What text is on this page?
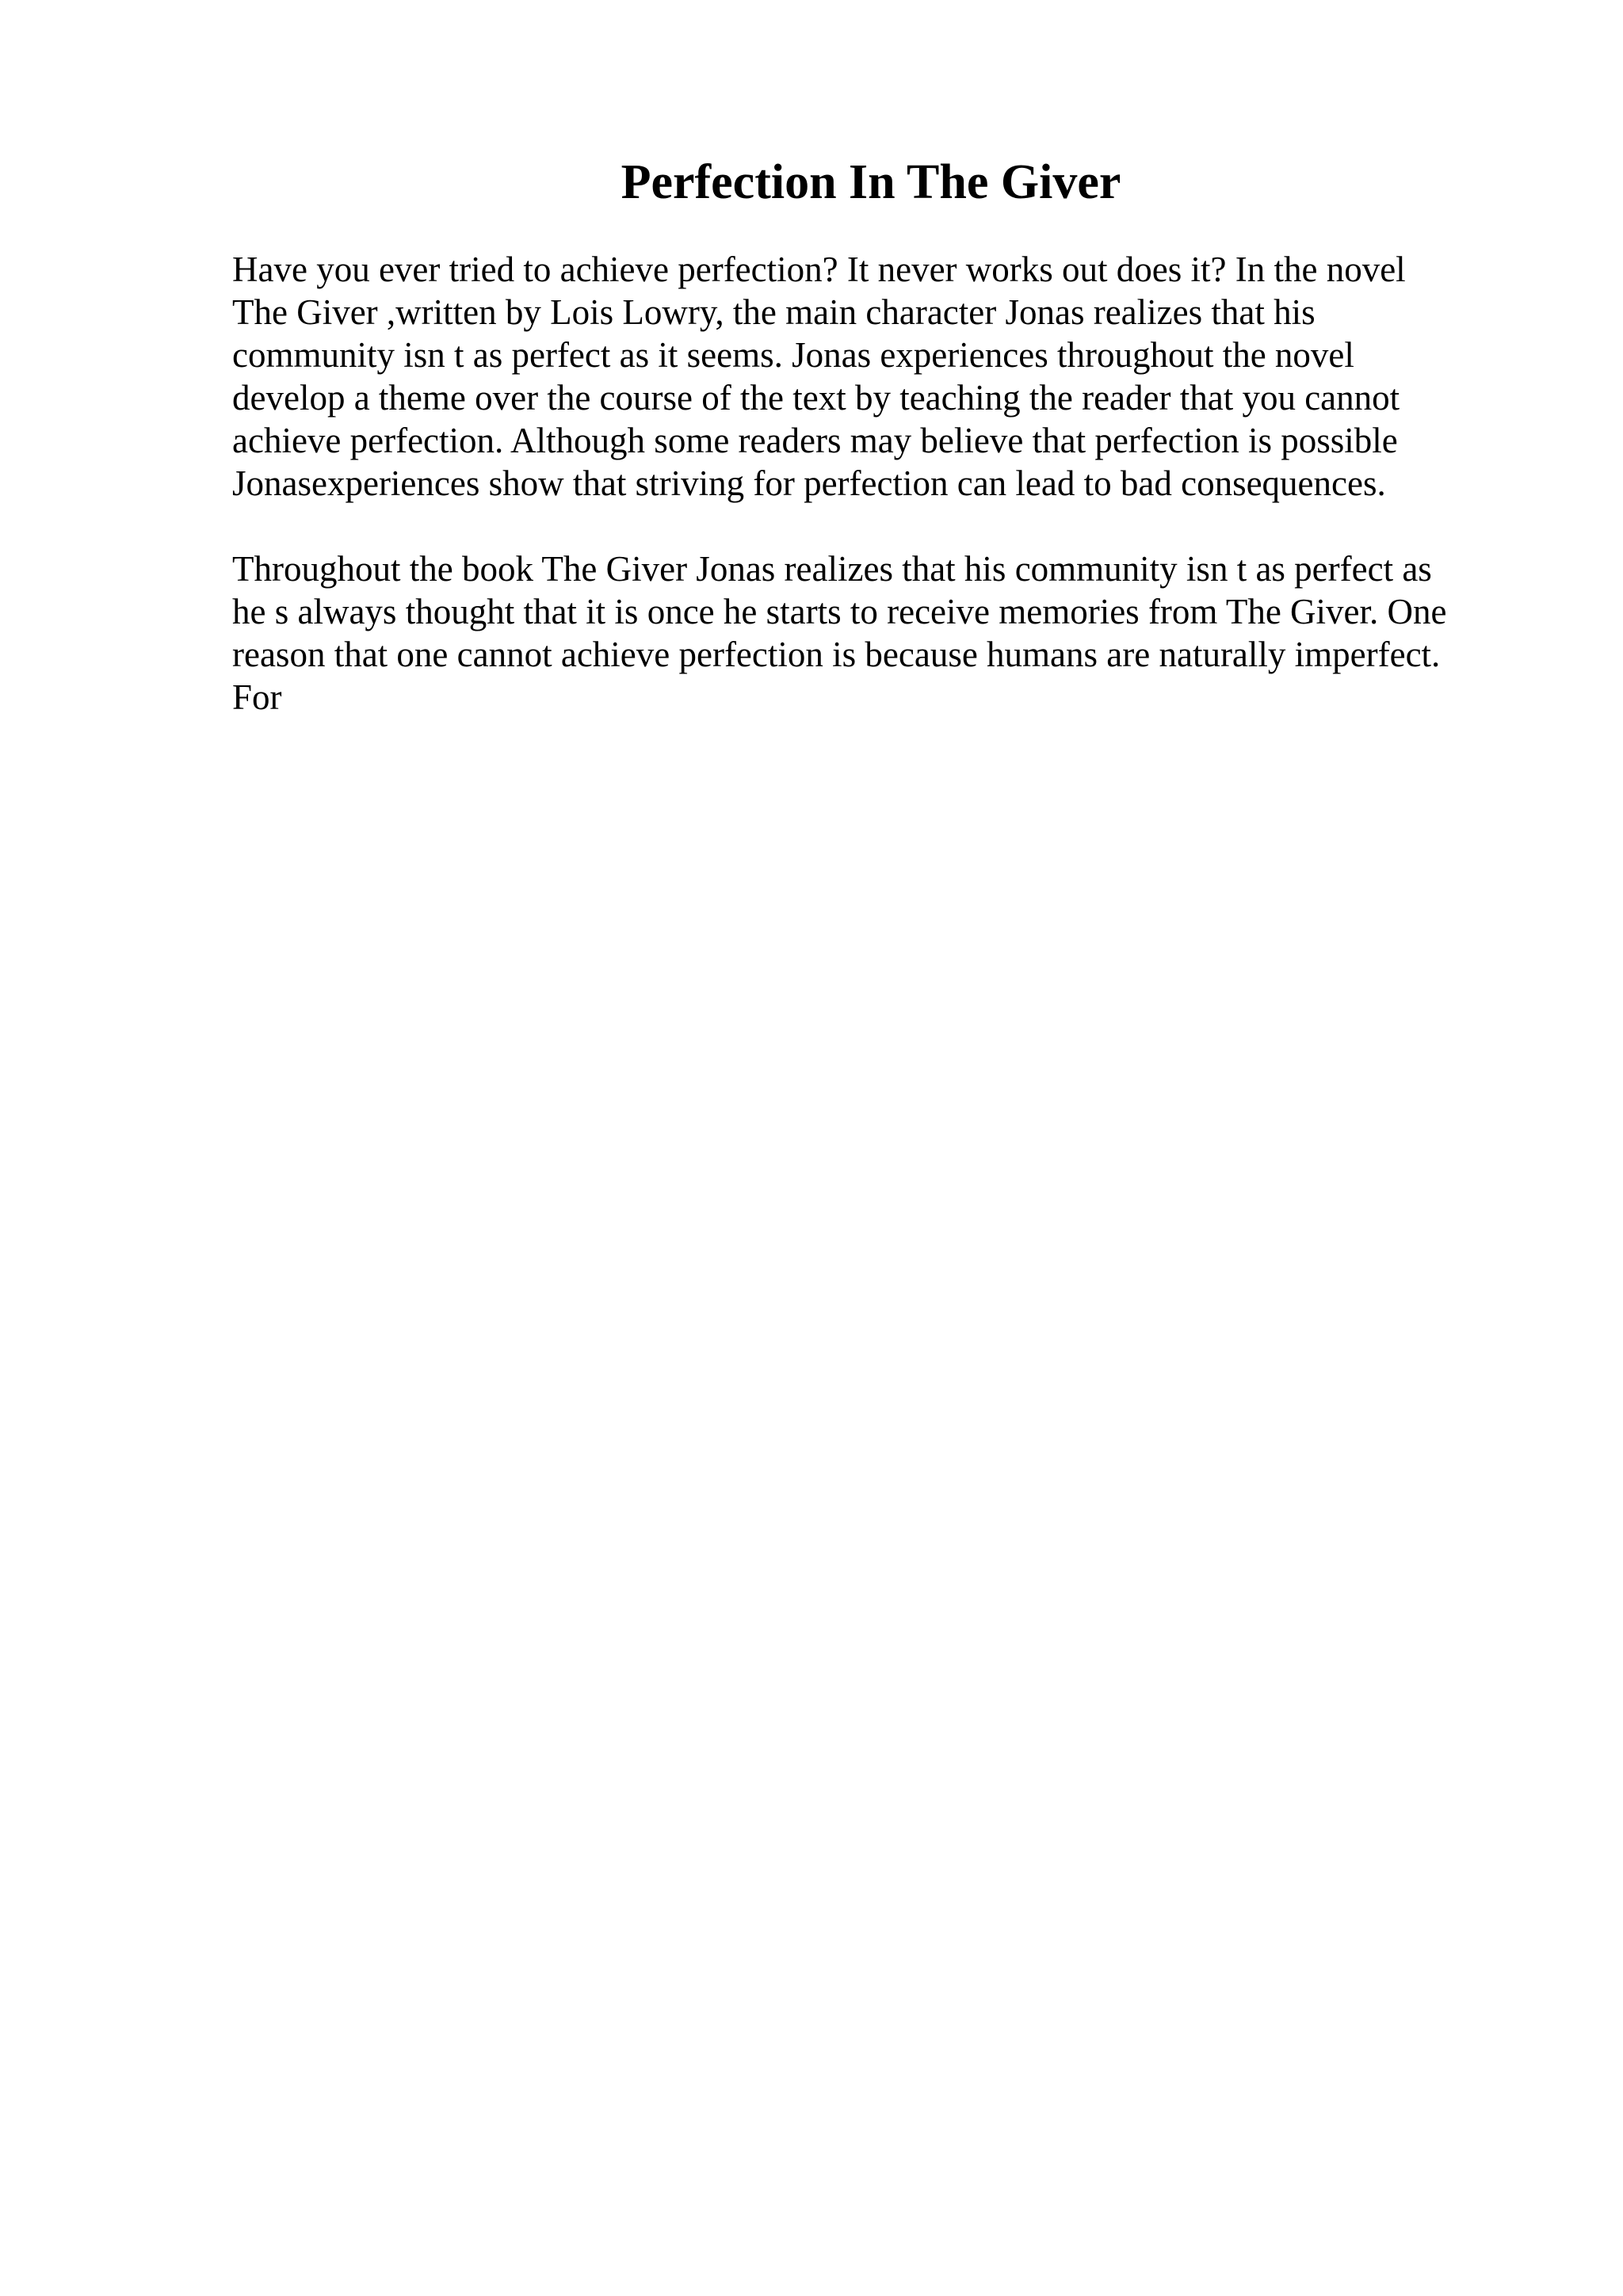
Perfection In The Giver

Have you ever tried to achieve perfection? It never works out does it? In the novel
The Giver ,written by Lois Lowry, the main character Jonas realizes that his
community isn t as perfect as it seems. Jonas experiences throughout the novel
develop a theme over the course of the text by teaching the reader that you cannot
achieve perfection. Although some readers may believe that perfection is possible
Jonasexperiences show that striving for perfection can lead to bad consequences.

Throughout the book The Giver Jonas realizes that his community isn t as perfect as
he s always thought that it is once he starts to receive memories from The Giver. One
reason that one cannot achieve perfection is because humans are naturally imperfect.
For
